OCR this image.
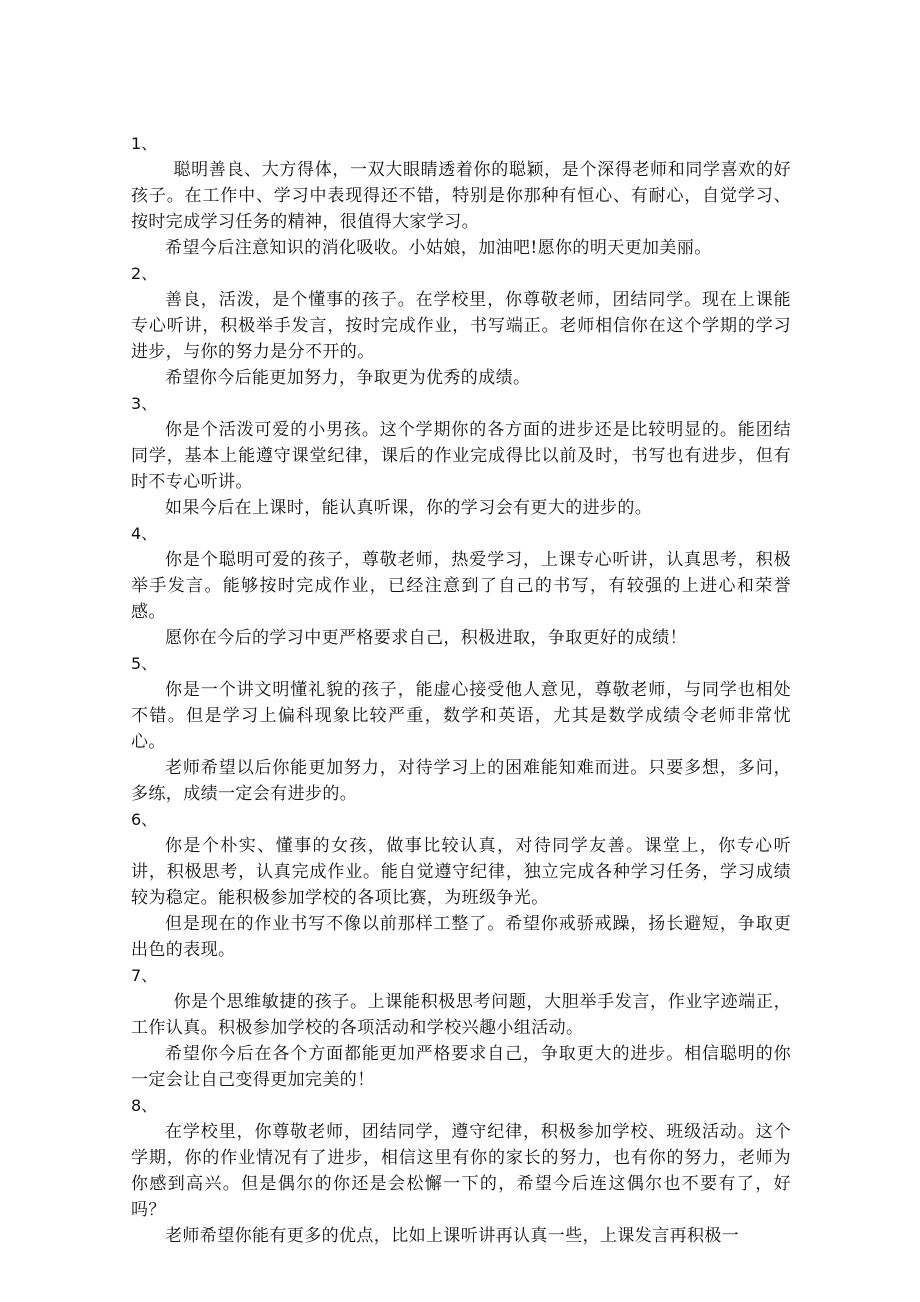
1、

聪明善良、大方得体，一双大眼睛透着你的聪颖，是个深得老师和同学喜欢的好孩子。在工作中、学习中表现得还不错，特别是你那种有恒心、有耐心，自觉学习、按时完成学习任务的精神，很值得大家学习。

希望今后注意知识的消化吸收。小姑娘，加油吧!愿你的明天更加美丽。

2、

善良，活泼，是个懂事的孩子。在学校里，你尊敬老师，团结同学。现在上课能专心听讲，积极举手发言，按时完成作业，书写端正。老师相信你在这个学期的学习进步，与你的努力是分不开的。

希望你今后能更加努力，争取更为优秀的成绩。

3、

你是个活泼可爱的小男孩。这个学期你的各方面的进步还是比较明显的。能团结同学，基本上能遵守课堂纪律，课后的作业完成得比以前及时，书写也有进步，但有时不专心听讲。

如果今后在上课时，能认真听课，你的学习会有更大的进步的。

4、

你是个聪明可爱的孩子，尊敬老师，热爱学习，上课专心听讲，认真思考，积极举手发言。能够按时完成作业，已经注意到了自己的书写，有较强的上进心和荣誉感。

愿你在今后的学习中更严格要求自己，积极进取，争取更好的成绩！

5、

你是一个讲文明懂礼貌的孩子，能虚心接受他人意见，尊敬老师，与同学也相处不错。但是学习上偏科现象比较严重，数学和英语，尤其是数学成绩令老师非常忧心。

老师希望以后你能更加努力，对待学习上的困难能知难而进。只要多想，多问，多练，成绩一定会有进步的。

6、

你是个朴实、懂事的女孩，做事比较认真，对待同学友善。课堂上，你专心听讲，积极思考，认真完成作业。能自觉遵守纪律，独立完成各种学习任务，学习成绩较为稳定。能积极参加学校的各项比赛，为班级争光。

但是现在的作业书写不像以前那样工整了。希望你戒骄戒躁，扬长避短，争取更出色的表现。

7、

你是个思维敏捷的孩子。上课能积极思考问题，大胆举手发言，作业字迹端正，工作认真。积极参加学校的各项活动和学校兴趣小组活动。

希望你今后在各个方面都能更加严格要求自己，争取更大的进步。相信聪明的你一定会让自己变得更加完美的！

8、

在学校里，你尊敬老师，团结同学，遵守纪律，积极参加学校、班级活动。这个学期，你的作业情况有了进步，相信这里有你的家长的努力，也有你的努力，老师为你感到高兴。但是偶尔的你还是会松懈一下的，希望今后连这偶尔也不要有了，好吗？

老师希望你能有更多的优点，比如上课听讲再认真一些，上课发言再积极一
